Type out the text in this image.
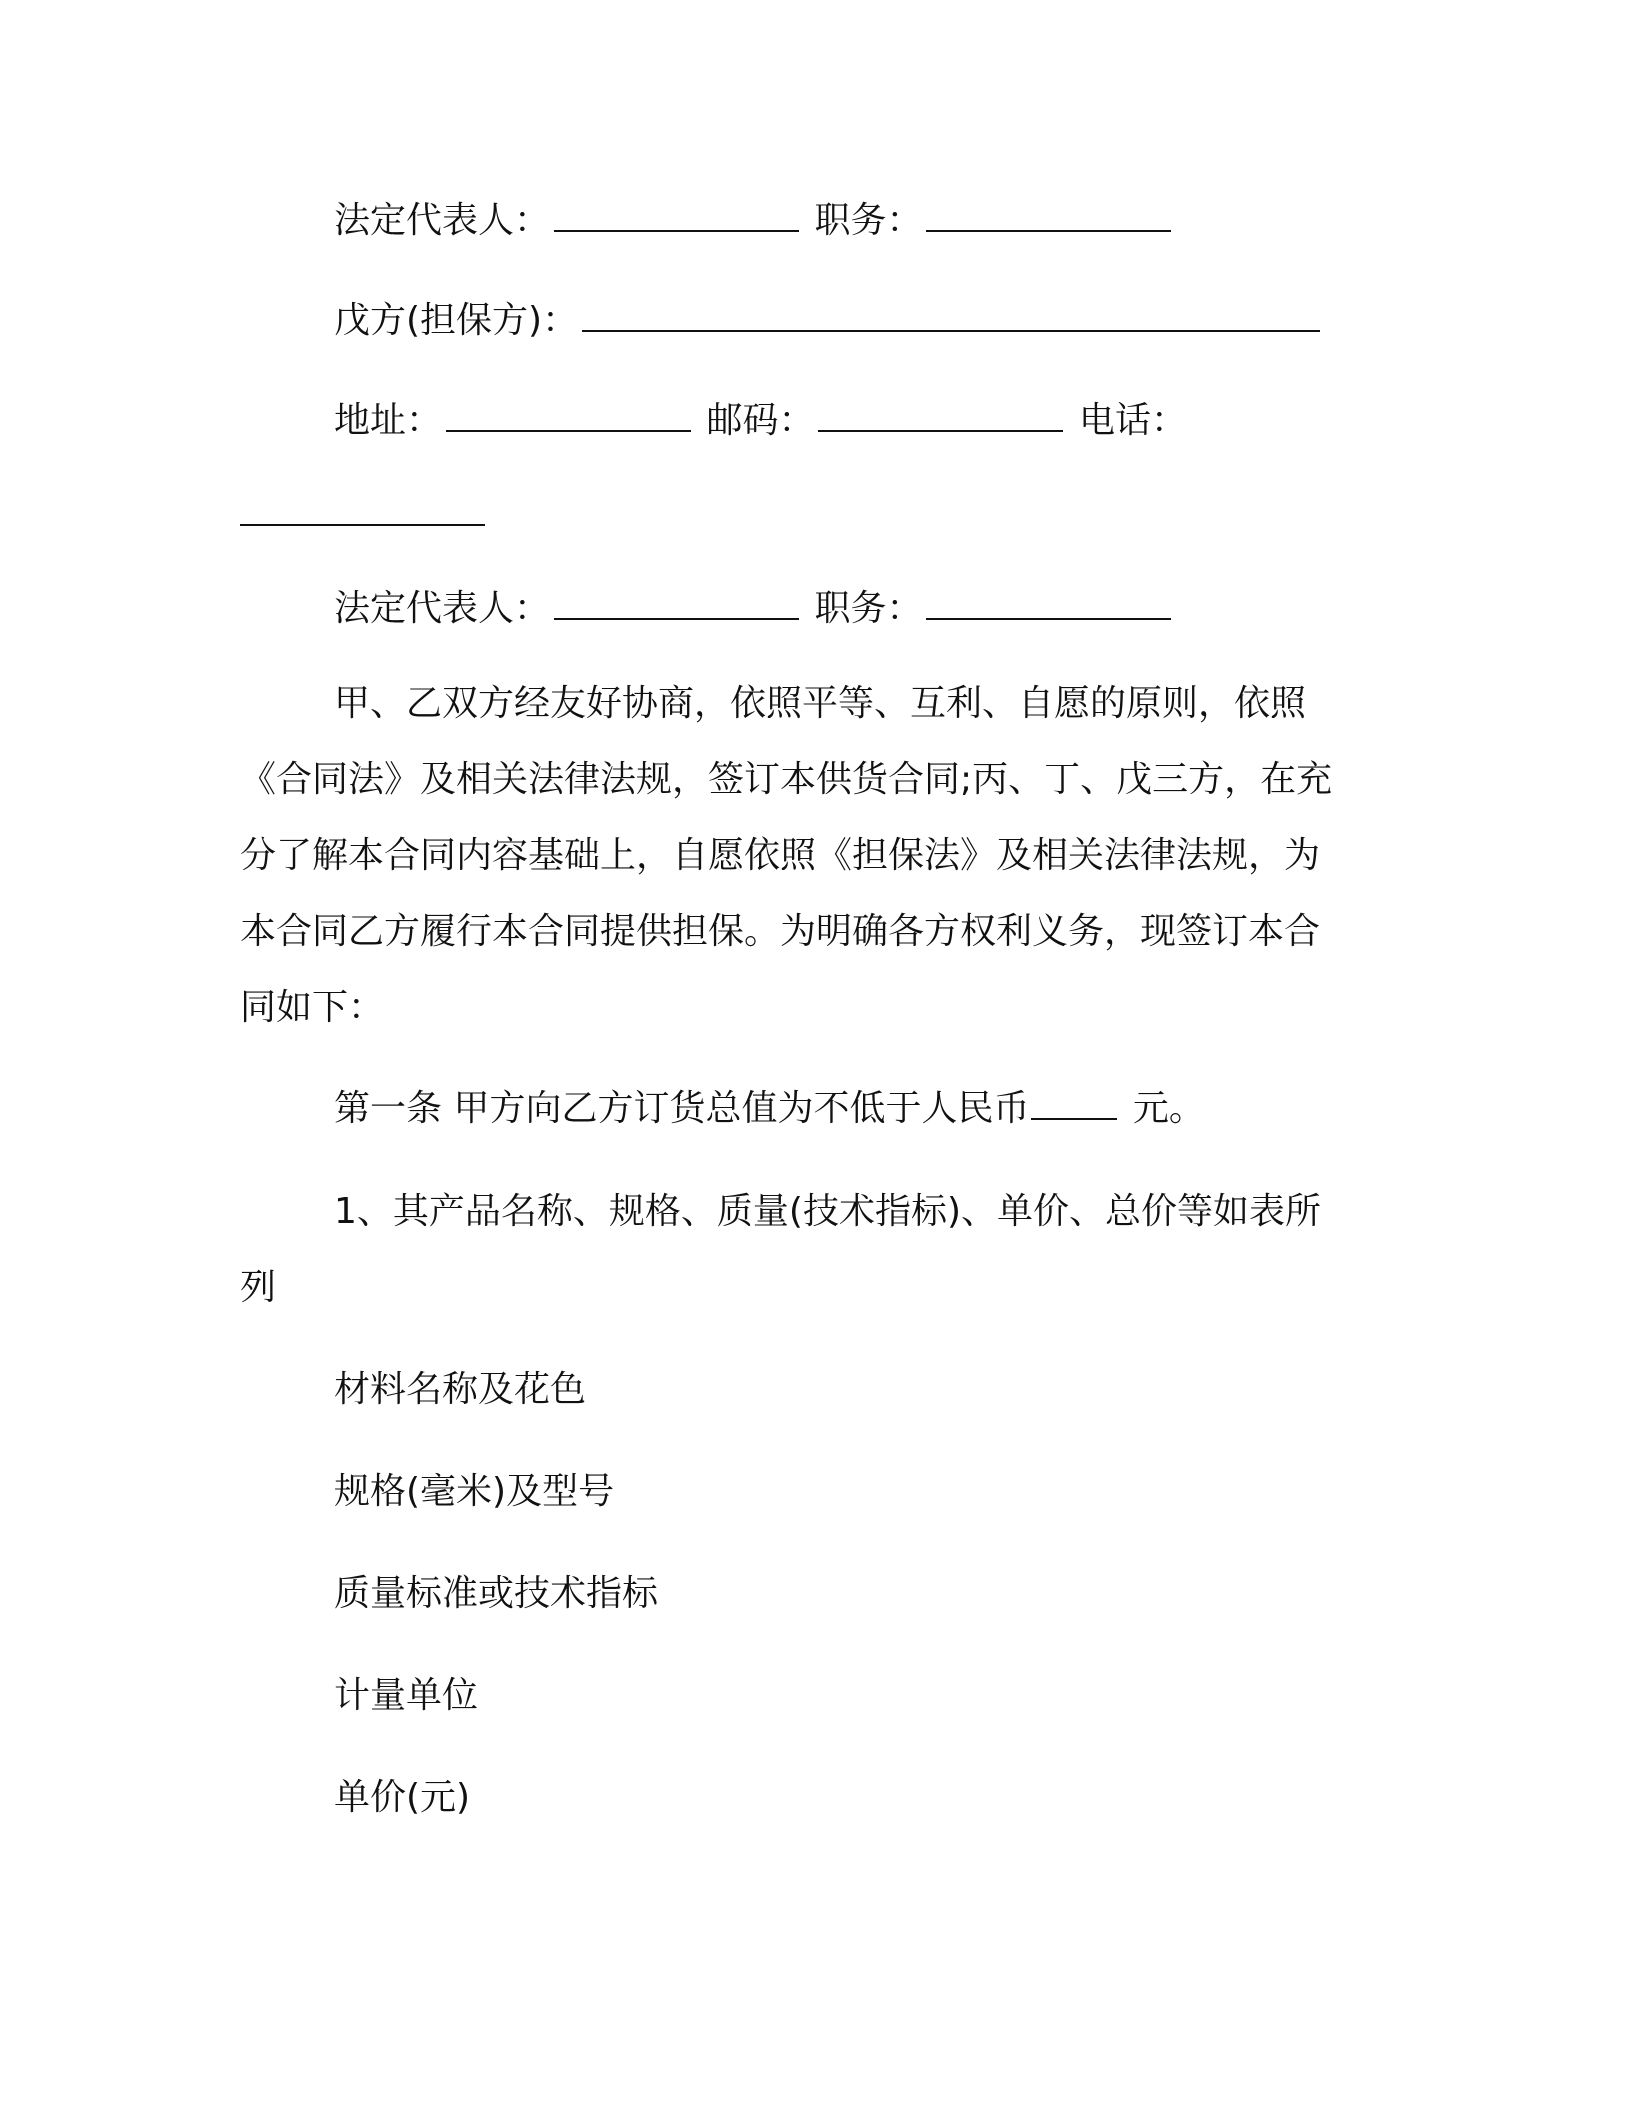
法定代表人：	职务：
戊方(担保方)：
地址：	邮码：	电话：
法定代表人：	职务：
甲、乙双方经友好协商，依照平等、互利、自愿的原则，依照
《合同法》及相关法律法规，签订本供货合同;丙、丁、戊三方，在充
分了解本合同内容基础上，自愿依照《担保法》及相关法律法规，为
本合同乙方履行本合同提供担保。为明确各方权利义务，现签订本合
同如下：
第一条 甲方向乙方订货总值为不低于人民币	元。
1、其产品名称、规格、质量(技术指标)、单价、总价等如表所
列
材料名称及花色
规格(毫米)及型号
质量标准或技术指标
计量单位
单价(元)
